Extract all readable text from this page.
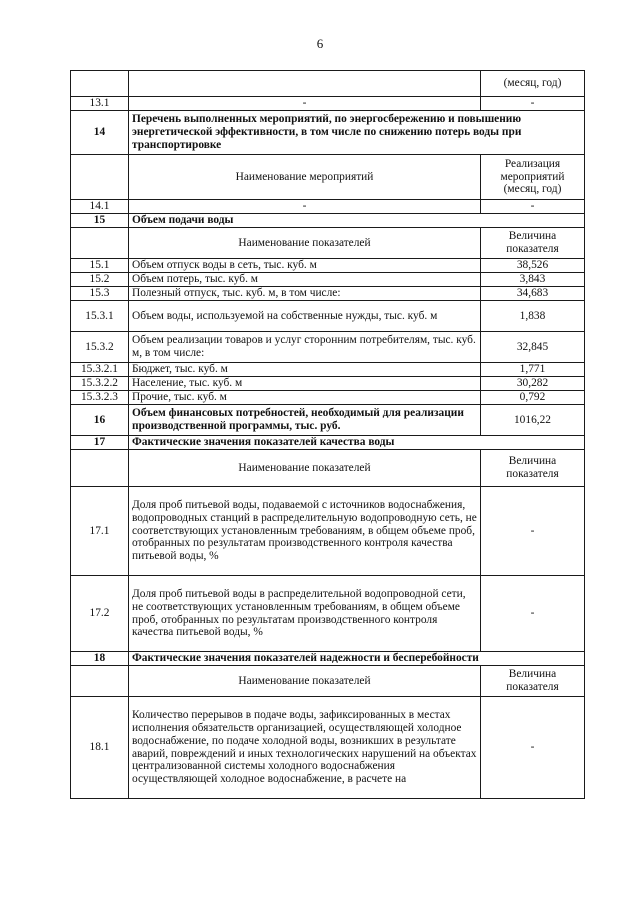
6
		(месяц, год)
13.1	-	-
14	Перечень выполненных мероприятий, по энергосбережению и повышению энергетической эффективности, в том числе по снижению потерь воды при транспортировке	
	Наименование мероприятий	Реализация мероприятий (месяц, год)
14.1	-	-
15	Объем подачи воды	
	Наименование показателей	Величина показателя
15.1	Объем отпуск воды в сеть, тыс. куб. м	38,526
15.2	Объем потерь, тыс. куб. м	3,843
15.3	Полезный отпуск, тыс. куб. м, в том числе:	34,683
15.3.1	Объем воды, используемой на собственные нужды, тыс. куб. м	1,838
15.3.2	Объем реализации товаров и услуг сторонним потребителям, тыс. куб. м, в том числе:	32,845
15.3.2.1	Бюджет, тыс. куб. м	1,771
15.3.2.2	Население, тыс. куб. м	30,282
15.3.2.3	Прочие, тыс. куб. м	0,792
16	Объем финансовых потребностей, необходимый для реализации производственной программы, тыс. руб.	1016,22
17	Фактические значения показателей качества воды	
	Наименование показателей	Величина показателя
17.1	Доля проб питьевой воды, подаваемой с источников водоснабжения, водопроводных станций в распределительную водопроводную сеть, не соответствующих установленным требованиям, в общем объеме проб, отобранных по результатам производственного контроля качества питьевой воды, %	-
17.2	Доля проб питьевой воды в распределительной водопроводной сети, не соответствующих установленным требованиям, в общем объеме проб, отобранных по результатам производственного контроля качества питьевой воды, %	-
18	Фактические значения показателей надежности и бесперебойности	
	Наименование показателей	Величина показателя
18.1	Количество перерывов в подаче воды, зафиксированных в местах исполнения обязательств организацией, осуществляющей холодное водоснабжение, по подаче холодной воды, возникших в результате аварий, повреждений и иных технологических нарушений на объектах централизованной системы холодного водоснабжения осуществляющей холодное водоснабжение, в расчете на	-
